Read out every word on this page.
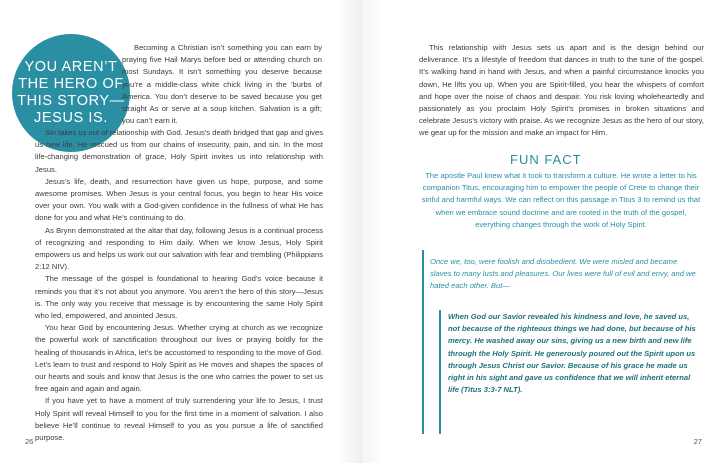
YOU AREN’T
THE HERO OF
THIS STORY—
JESUS IS.

Becoming a Christian isn’t something you can earn by praying five Hail Marys before bed or attending church on most Sundays. It isn’t something you deserve because you’re a middle-class white chick living in the ’burbs of America. You don’t deserve to be saved because you get straight As or serve at a soup kitchen. Salvation is a gift; you can’t earn it.

Sin takes us out of relationship with God. Jesus’s death bridged that gap and gives us new life. He rescued us from our chains of insecurity, pain, and sin. In the most life-changing demonstration of grace, Holy Spirit invites us into relationship with Jesus.

Jesus’s life, death, and resurrection have given us hope, purpose, and some awesome promises. When Jesus is your central focus, you begin to hear His voice over your own. You walk with a God-given confidence in the fullness of what He has done for you and what He’s continuing to do.

As Brynn demonstrated at the altar that day, following Jesus is a continual process of recognizing and responding to Him daily. When we know Jesus, Holy Spirit empowers us and helps us work out our salvation with fear and trembling (Philippians 2:12 NIV).

The message of the gospel is foundational to hearing God’s voice because it reminds you that it’s not about you anymore. You aren’t the hero of this story—Jesus is. The only way you receive that message is by encountering the same Holy Spirit who led, empowered, and anointed Jesus.

You hear God by encountering Jesus. Whether crying at church as we recognize the powerful work of sanctification throughout our lives or praying boldly for the healing of thousands in Africa, let’s be accustomed to responding to the move of God. Let’s learn to trust and respond to Holy Spirit as He moves and shapes the spaces of our hearts and souls and know that Jesus is the one who carries the power to set us free again and again and again.

If you have yet to have a moment of truly surrendering your life to Jesus, I trust Holy Spirit will reveal Himself to you for the first time in a moment of salvation. I also believe He’ll continue to reveal Himself to you as you pursue a life of sanctified purpose.

26

This relationship with Jesus sets us apart and is the design behind our deliverance. It’s a lifestyle of freedom that dances in truth to the tune of the gospel. It’s walking hand in hand with Jesus, and when a painful circumstance knocks you down, He lifts you up. When you are Spirit-filled, you hear the whispers of comfort and hope over the noise of chaos and despair. You risk loving wholeheartedly and passionately as you proclaim Holy Spirit’s promises in broken situations and celebrate Jesus’s victory with praise. As we recognize Jesus as the hero of our story, we gear up for the mission and make an impact for Him.

FUN FACT

The apostle Paul knew what it took to transform a culture. He wrote a letter to his companion Titus, encouraging him to empower the people of Crete to change their sinful and harmful ways. We can reflect on this passage in Titus 3 to remind us that when we embrace sound doctrine and are rooted in the truth of the gospel, everything changes through the work of Holy Spirit.

Once we, too, were foolish and disobedient. We were misled and became slaves to many lusts and pleasures. Our lives were full of evil and envy, and we hated each other. But—

When God our Savior revealed his kindness and love, he saved us, not because of the righteous things we had done, but because of his mercy. He washed away our sins, giving us a new birth and new life through the Holy Spirit. He generously poured out the Spirit upon us through Jesus Christ our Savior. Because of his grace he made us right in his sight and gave us confidence that we will inherit eternal life (Titus 3:3-7 NLT).

27
